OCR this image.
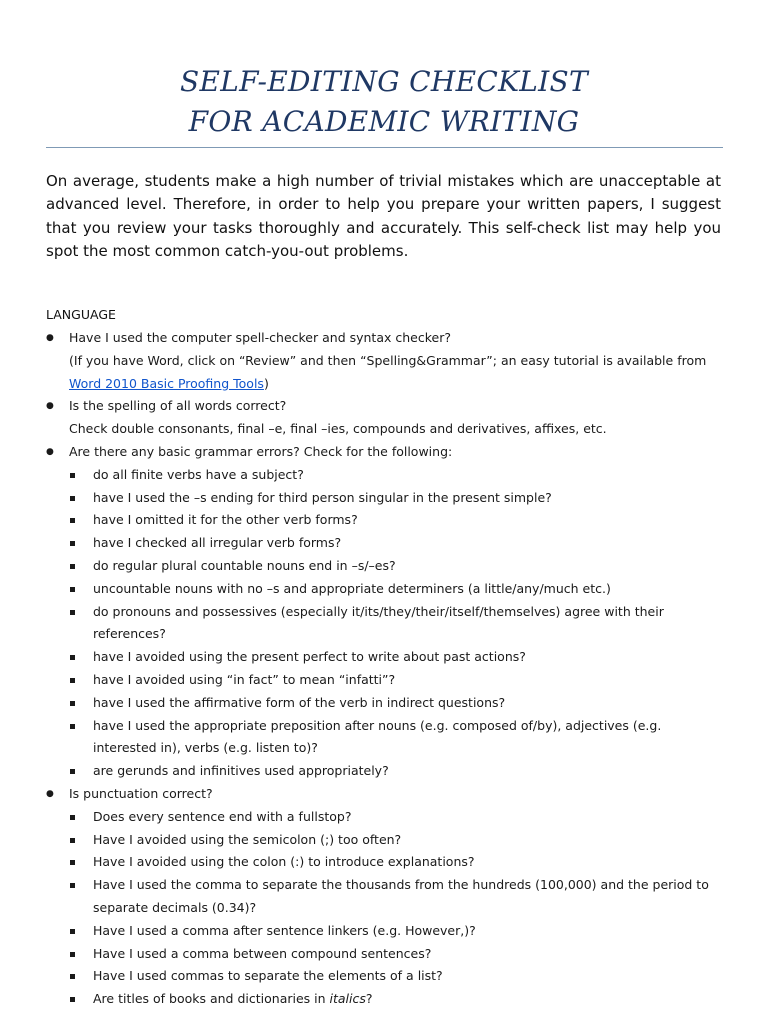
SELF-EDITING CHECKLIST
FOR ACADEMIC WRITING

On average, students make a high number of trivial mistakes which are unacceptable at advanced level. Therefore, in order to help you prepare your written papers, I suggest that you review your tasks thoroughly and accurately. This self-check list may help you spot the most common catch-you-out problems.

LANGUAGE
● Have I used the computer spell-checker and syntax checker?
(If you have Word, click on “Review” and then “Spelling&Grammar”; an easy tutorial is available from
Word 2010 Basic Proofing Tools)
● Is the spelling of all words correct?
Check double consonants, final –e, final –ies, compounds and derivatives, affixes, etc.
● Are there any basic grammar errors? Check for the following:
do all finite verbs have a subject?
have I used the –s ending for third person singular in the present simple?
have I omitted it for the other verb forms?
have I checked all irregular verb forms?
do regular plural countable nouns end in –s/–es?
uncountable nouns with no –s and appropriate determiners (a little/any/much etc.)
do pronouns and possessives (especially it/its/they/their/itself/themselves) agree with their
references?
have I avoided using the present perfect to write about past actions?
have I avoided using “in fact” to mean “infatti”?
have I used the affirmative form of the verb in indirect questions?
have I used the appropriate preposition after nouns (e.g. composed of/by), adjectives (e.g.
interested in), verbs (e.g. listen to)?
are gerunds and infinitives used appropriately?
● Is punctuation correct?
Does every sentence end with a fullstop?
Have I avoided using the semicolon (;) too often?
Have I avoided using the colon (:) to introduce explanations?
Have I used the comma to separate the thousands from the hundreds (100,000) and the period to
separate decimals (0.34)?
Have I used a comma after sentence linkers (e.g. However,)?
Have I used a comma between compound sentences?
Have I used commas to separate the elements of a list?
Are titles of books and dictionaries in italics?
